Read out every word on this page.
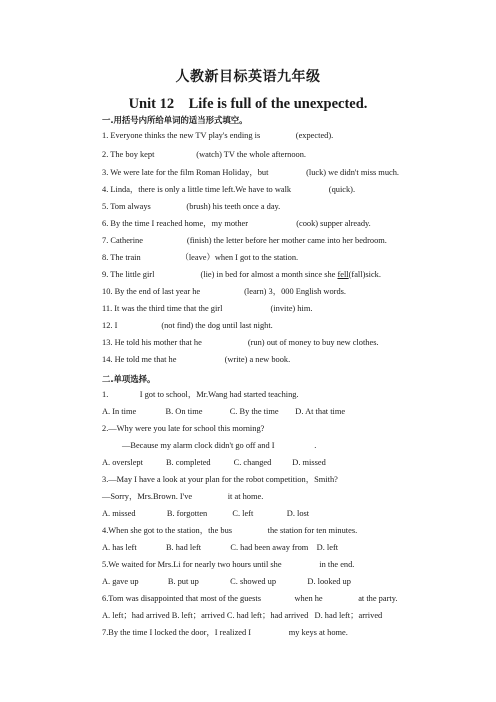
人教新目标英语九年级
Unit 12　Life is full of the unexpected.
一.用括号内所给单词的适当形式填空。
1. Everyone thinks the new TV play's ending is                 (expected).
2. The boy kept                    (watch) TV the whole afternoon.
3. We were late for the film Roman Holiday，but                  (luck) we didn't miss much.
4. Linda，there is only a little time left.We have to walk                  (quick).
5. Tom always                 (brush) his teeth once a day.
6. By the time I reached home，my mother                       (cook) supper already.
7. Catherine                     (finish) the letter before her mother came into her bedroom.
8. The train                   （leave）when I got to the station.
9. The little girl                      (lie) in bed for almost a month since she fell(fall)sick.
10. By the end of last year he                     (learn) 3，000 English words.
11. It was the third time that the girl                       (invite) him.
12. I                     (not find) the dog until last night.
13. He told his mother that he                      (run) out of money to buy new clothes.
14. He told me that he                       (write) a new book.
二.单项选择。
1.               I got to school，Mr.Wang had started teaching.
A. In time              B. On time             C. By the time        D. At that time
2.—Why were you late for school this morning?
—Because my alarm clock didn't go off and I                   .
A. overslept           B. completed           C. changed          D. missed
3.—May I have a look at your plan for the robot competition，Smith?
—Sorry，Mrs.Brown. I've                 it at home.
A. missed               B. forgotten            C. left                D. lost
4.When she got to the station，the bus                 the station for ten minutes.
A. has left              B. had left              C. had been away from    D. left
5.We waited for Mrs.Li for nearly two hours until she                  in the end.
A. gave up              B. put up               C. showed up               D. looked up
6.Tom was disappointed that most of the guests                when he                 at the party.
A. left；had arrived B. left；arrived C. had left；had arrived   D. had left；arrived
7.By the time I locked the door，I realized I                  my keys at home.
